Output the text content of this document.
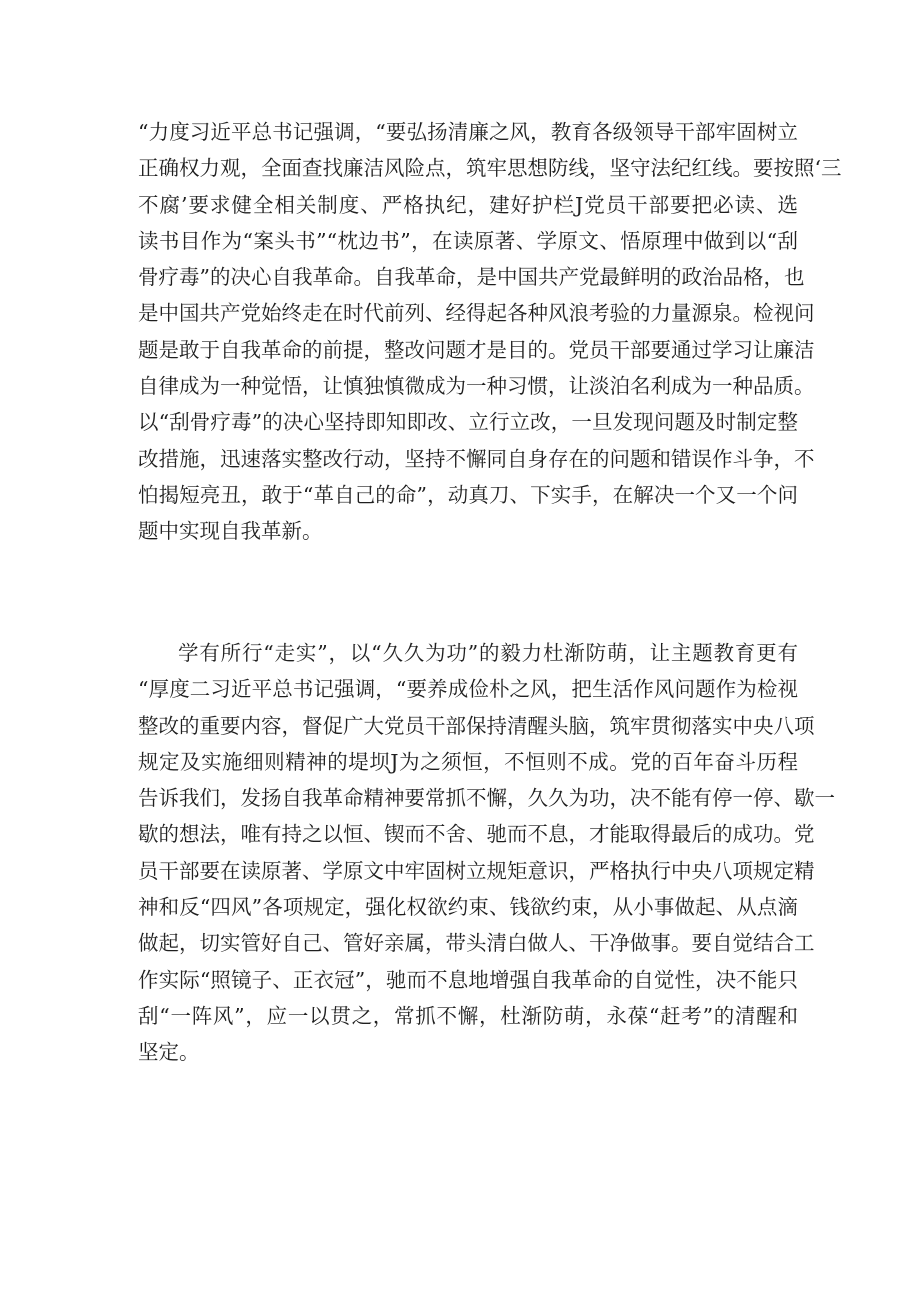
“力度习近平总书记强调，“要弘扬清廉之风，教育各级领导干部牢固树立
正确权力观，全面查找廉洁风险点，筑牢思想防线，坚守法纪红线。要按照‘三
不腐’要求健全相关制度、严格执纪，建好护栏J党员干部要把必读、选
读书目作为“案头书”“枕边书”，在读原著、学原文、悟原理中做到以“刮
骨疗毒”的决心自我革命。自我革命，是中国共产党最鲜明的政治品格，也
是中国共产党始终走在时代前列、经得起各种风浪考验的力量源泉。检视问
题是敢于自我革命的前提，整改问题才是目的。党员干部要通过学习让廉洁
自律成为一种觉悟，让慎独慎微成为一种习惯，让淡泊名利成为一种品质。
以“刮骨疗毒”的决心坚持即知即改、立行立改，一旦发现问题及时制定整
改措施，迅速落实整改行动，坚持不懈同自身存在的问题和错误作斗争，不
怕揭短亮丑，敢于“革自己的命”，动真刀、下实手，在解决一个又一个问
题中实现自我革新。
学有所行“走实”，以“久久为功”的毅力杜渐防萌，让主题教育更有
“厚度二习近平总书记强调，“要养成俭朴之风，把生活作风问题作为检视
整改的重要内容，督促广大党员干部保持清醒头脑，筑牢贯彻落实中央八项
规定及实施细则精神的堤坝J为之须恒，不恒则不成。党的百年奋斗历程
告诉我们，发扬自我革命精神要常抓不懈，久久为功，决不能有停一停、歇一
歇的想法，唯有持之以恒、锲而不舍、驰而不息，才能取得最后的成功。党
员干部要在读原著、学原文中牢固树立规矩意识，严格执行中央八项规定精
神和反“四风”各项规定，强化权欲约束、钱欲约束，从小事做起、从点滴
做起，切实管好自己、管好亲属，带头清白做人、干净做事。要自觉结合工
作实际“照镜子、正衣冠”，驰而不息地增强自我革命的自觉性，决不能只
刮“一阵风”，应一以贯之，常抓不懈，杜渐防萌，永葆“赶考”的清醒和
坚定。
